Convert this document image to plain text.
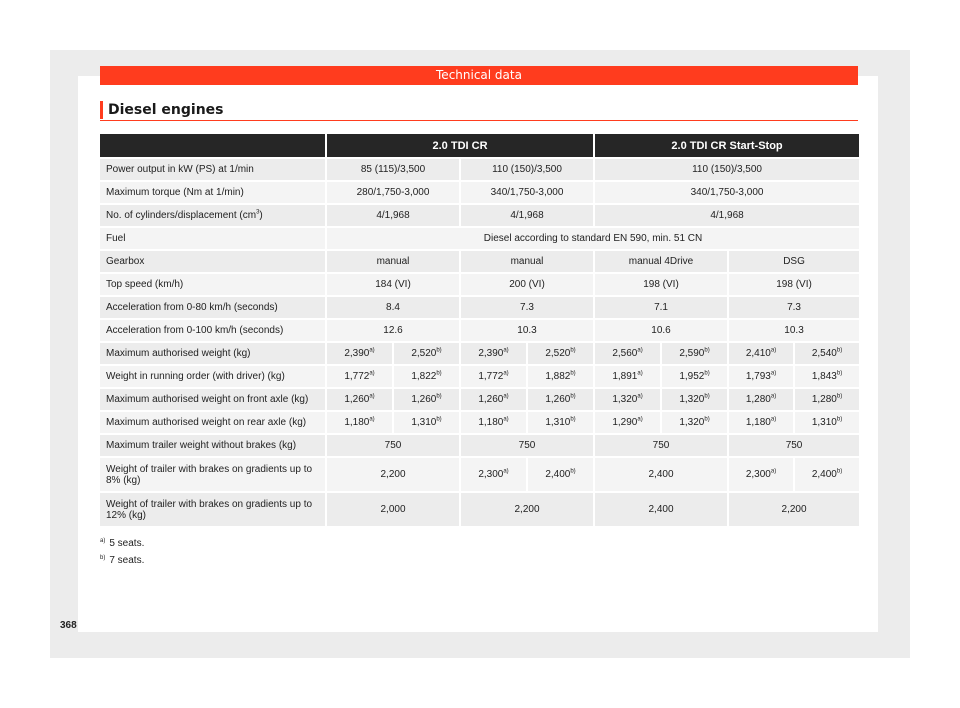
Technical data
Diesel engines
	2.0 TDI CR				2.0 TDI CR Start-Stop			
Power output in kW (PS) at 1/min	85 (115)/3,500		110 (150)/3,500		110 (150)/3,500			
Maximum torque (Nm at 1/min)	280/1,750-3,000		340/1,750-3,000		340/1,750-3,000			
No. of cylinders/displacement $(cm^3)$	4/1,968		4/1,968		4/1,968			
Fuel	Diesel according to standard EN 590, min. 51 CN							
Gearbox	manual		manual		manual 4Drive		DSG	
Top speed (km/h)	184 (VI)		200 (VI)		198 (VI)		198 (VI)	
Acceleration from 0-80 km/h (seconds)	8.4		7.3		7.1		7.3	
Acceleration from 0-100 km/h (seconds)	12.6		10.3		10.6		10.3	
Maximum authorised weight (kg)	2,390$^{a)}$	2,520$^{b)}$	2,390$^{a)}$	2,520$^{b)}$	2,560$^{a)}$	2,590$^{b)}$	2,410$^{a)}$	2,540$^{b)}$
Weight in running order (with driver) (kg)	1,772$^{a)}$	1,822$^{b)}$	1,772$^{a)}$	1,882$^{b)}$	1,891$^{a)}$	1,952$^{b)}$	1,793$^{a)}$	1,843$^{b)}$
Maximum authorised weight on front axle (kg)	1,260$^{a)}$	1,260$^{b)}$	1,260$^{a)}$	1,260$^{b)}$	1,320$^{a)}$	1,320$^{b)}$	1,280$^{a)}$	1,280$^{b)}$
Maximum authorised weight on rear axle (kg)	1,180$^{a)}$	1,310$^{b)}$	1,180$^{a)}$	1,310$^{b)}$	1,290$^{a)}$	1,320$^{b)}$	1,180$^{a)}$	1,310$^{b)}$
Maximum trailer weight without brakes (kg)	750		750		750		750	
Weight of trailer with brakes on gradients up to 8% (kg)	2,200		2,300$^{a)}$	2,400$^{b)}$	2,400		2,300$^{a)}$	2,400$^{b)}$
Weight of trailer with brakes on gradients up to 12% (kg)	2,000		2,200		2,400		2,200	
$^{a)}$ 5 seats.
$^{b)}$ 7 seats.
368
